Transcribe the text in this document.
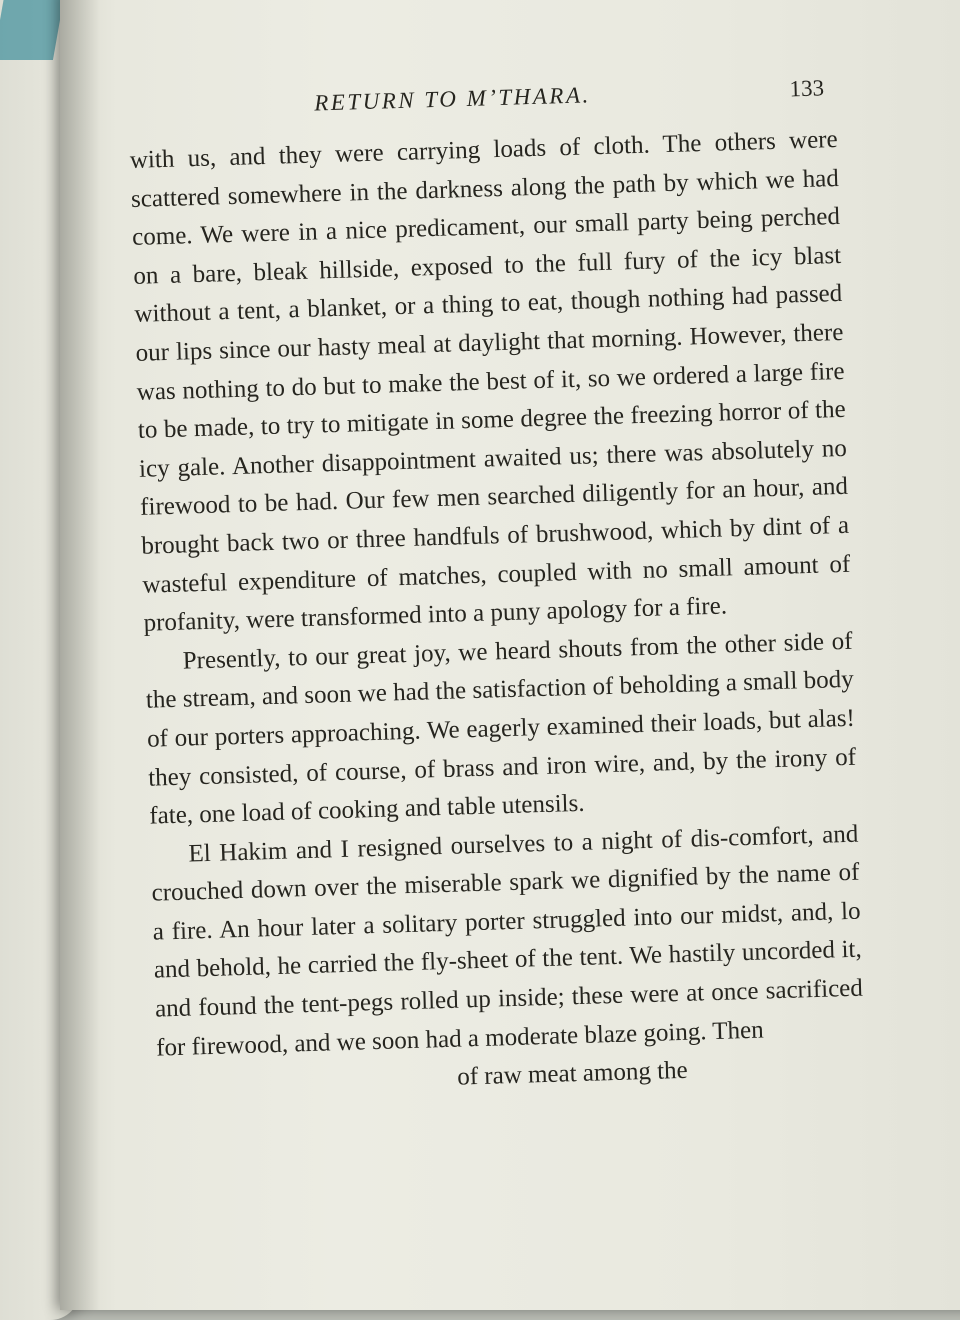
RETURN TO M’THARA.	133

with us, and they were carrying loads of cloth. The others were scattered somewhere in the darkness along the path by which we had come. We were in a nice predicament, our small party being perched on a bare, bleak hillside, exposed to the full fury of the icy blast without a tent, a blanket, or a thing to eat, though nothing had passed our lips since our hasty meal at daylight that morning. However, there was nothing to do but to make the best of it, so we ordered a large fire to be made, to try to mitigate in some degree the freezing horror of the icy gale. Another disappointment awaited us; there was absolutely no firewood to be had. Our few men searched diligently for an hour, and brought back two or three handfuls of brushwood, which by dint of a wasteful expenditure of matches, coupled with no small amount of profanity, were transformed into a puny apology for a fire.

Presently, to our great joy, we heard shouts from the other side of the stream, and soon we had the satisfaction of beholding a small body of our porters approaching. We eagerly examined their loads, but alas! they consisted, of course, of brass and iron wire, and, by the irony of fate, one load of cooking and table utensils.

El Hakim and I resigned ourselves to a night of dis-comfort, and crouched down over the miserable spark we dignified by the name of a fire. An hour later a solitary porter struggled into our midst, and, lo and behold, he carried the fly-sheet of the tent. We hastily uncorded it, and found the tent-pegs rolled up inside; these were at once sacrificed for firewood, and we soon had a moderate blaze going. Then

of raw meat among the
